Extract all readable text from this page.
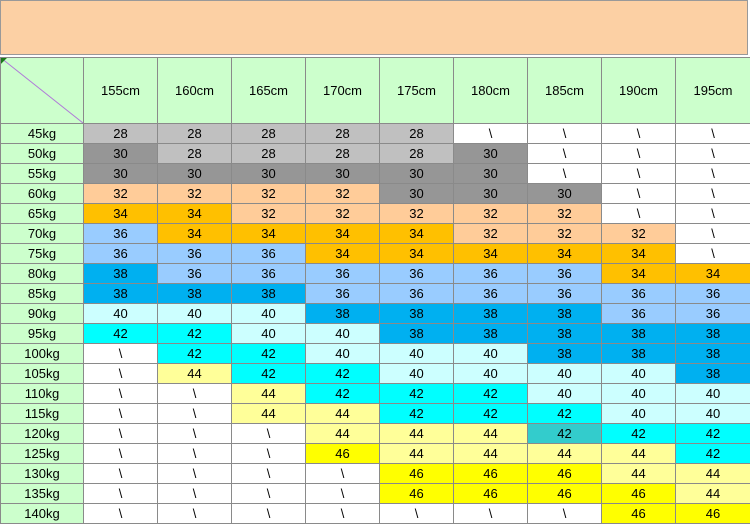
	155cm	160cm	165cm	170cm	175cm	180cm	185cm	190cm	195cm
45kg	28	28	28	28	28	\	\	\	\
50kg	30	28	28	28	28	30	\	\	\
55kg	30	30	30	30	30	30	\	\	\
60kg	32	32	32	32	30	30	30	\	\
65kg	34	34	32	32	32	32	32	\	\
70kg	36	34	34	34	34	32	32	32	\
75kg	36	36	36	34	34	34	34	34	\
80kg	38	36	36	36	36	36	36	34	34
85kg	38	38	38	36	36	36	36	36	36
90kg	40	40	40	38	38	38	38	36	36
95kg	42	42	40	40	38	38	38	38	38
100kg	\	42	42	40	40	40	38	38	38
105kg	\	44	42	42	40	40	40	40	38
110kg	\	\	44	42	42	42	40	40	40
115kg	\	\	44	44	42	42	42	40	40
120kg	\	\	\	44	44	44	42	42	42
125kg	\	\	\	46	44	44	44	44	42
130kg	\	\	\	\	46	46	46	44	44
135kg	\	\	\	\	46	46	46	46	44
140kg	\	\	\	\	\	\	\	46	46
